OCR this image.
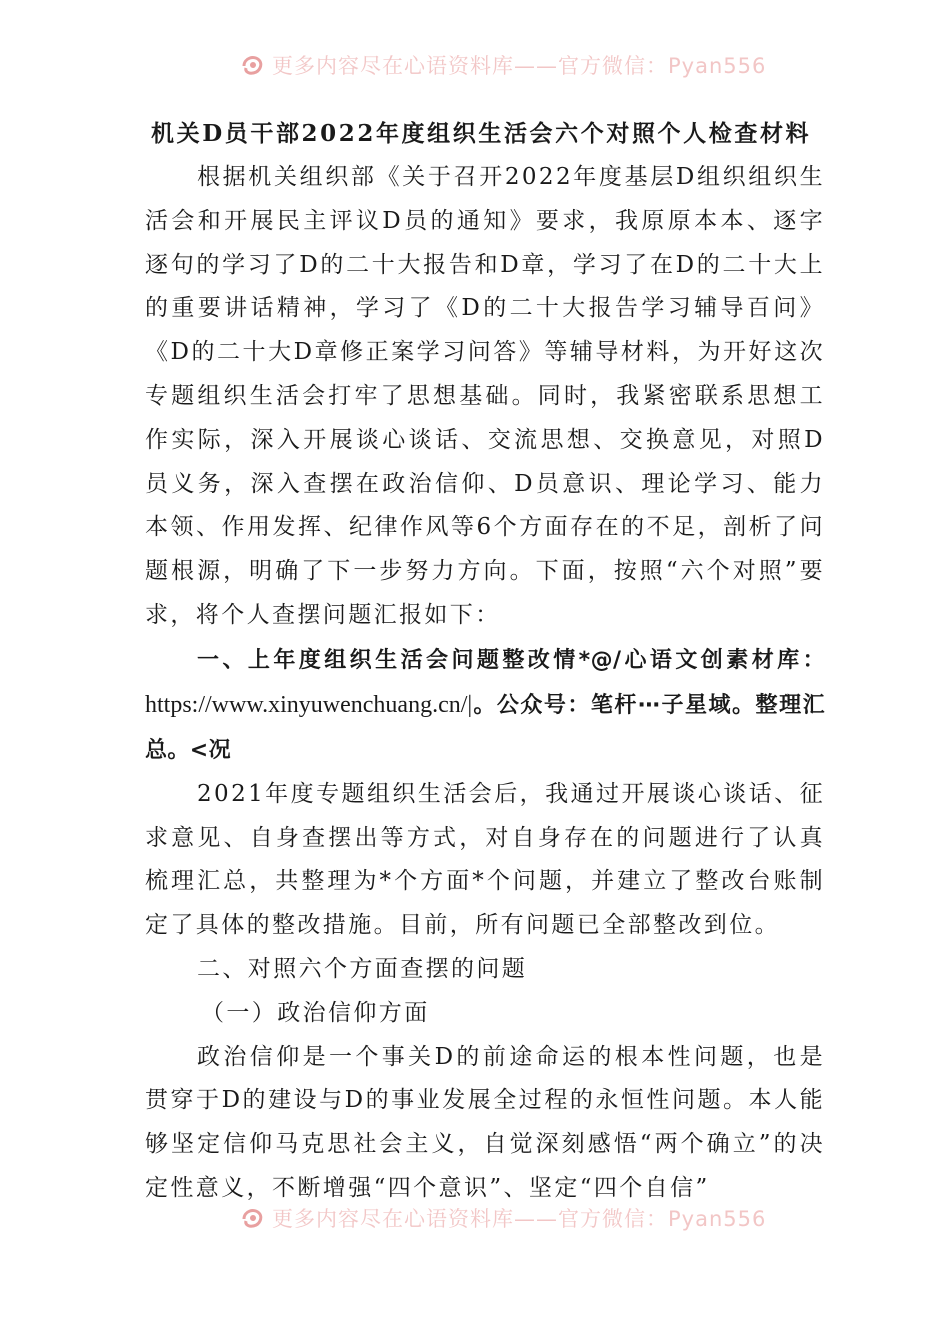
更多内容尽在心语资料库——官方微信：Pyan556
机关D员干部2022年度组织生活会六个对照个人检查材料

根据机关组织部《关于召开2022年度基层D组织组织生活会和开展民主评议D员的通知》要求，我原原本本、逐字逐句的学习了D的二十大报告和D章，学习了在D的二十大上的重要讲话精神，学习了《D的二十大报告学习辅导百问》《D的二十大D章修正案学习问答》等辅导材料，为开好这次专题组织生活会打牢了思想基础。同时，我紧密联系思想工作实际，深入开展谈心谈话、交流思想、交换意见，对照D员义务，深入查摆在政治信仰、D员意识、理论学习、能力本领、作用发挥、纪律作风等6个方面存在的不足，剖析了问题根源，明确了下一步努力方向。下面，按照“六个对照”要求，将个人查摆问题汇报如下：

一、上年度组织生活会问题整改情*@/心语文创素材库：https://www.xinyuwenchuang.cn/|。公众号：笔杆⋯子星域。整理汇总。<况

2021年度专题组织生活会后，我通过开展谈心谈话、征求意见、自身查摆出等方式，对自身存在的问题进行了认真梳理汇总，共整理为*个方面*个问题，并建立了整改台账制定了具体的整改措施。目前，所有问题已全部整改到位。

二、对照六个方面查摆的问题

（一）政治信仰方面

政治信仰是一个事关D的前途命运的根本性问题，也是贯穿于D的建设与D的事业发展全过程的永恒性问题。本人能够坚定信仰马克思社会主义，自觉深刻感悟“两个确立”的决定性意义，不断增强“四个意识”、坚定“四个自信”

更多内容尽在心语资料库——官方微信：Pyan556
